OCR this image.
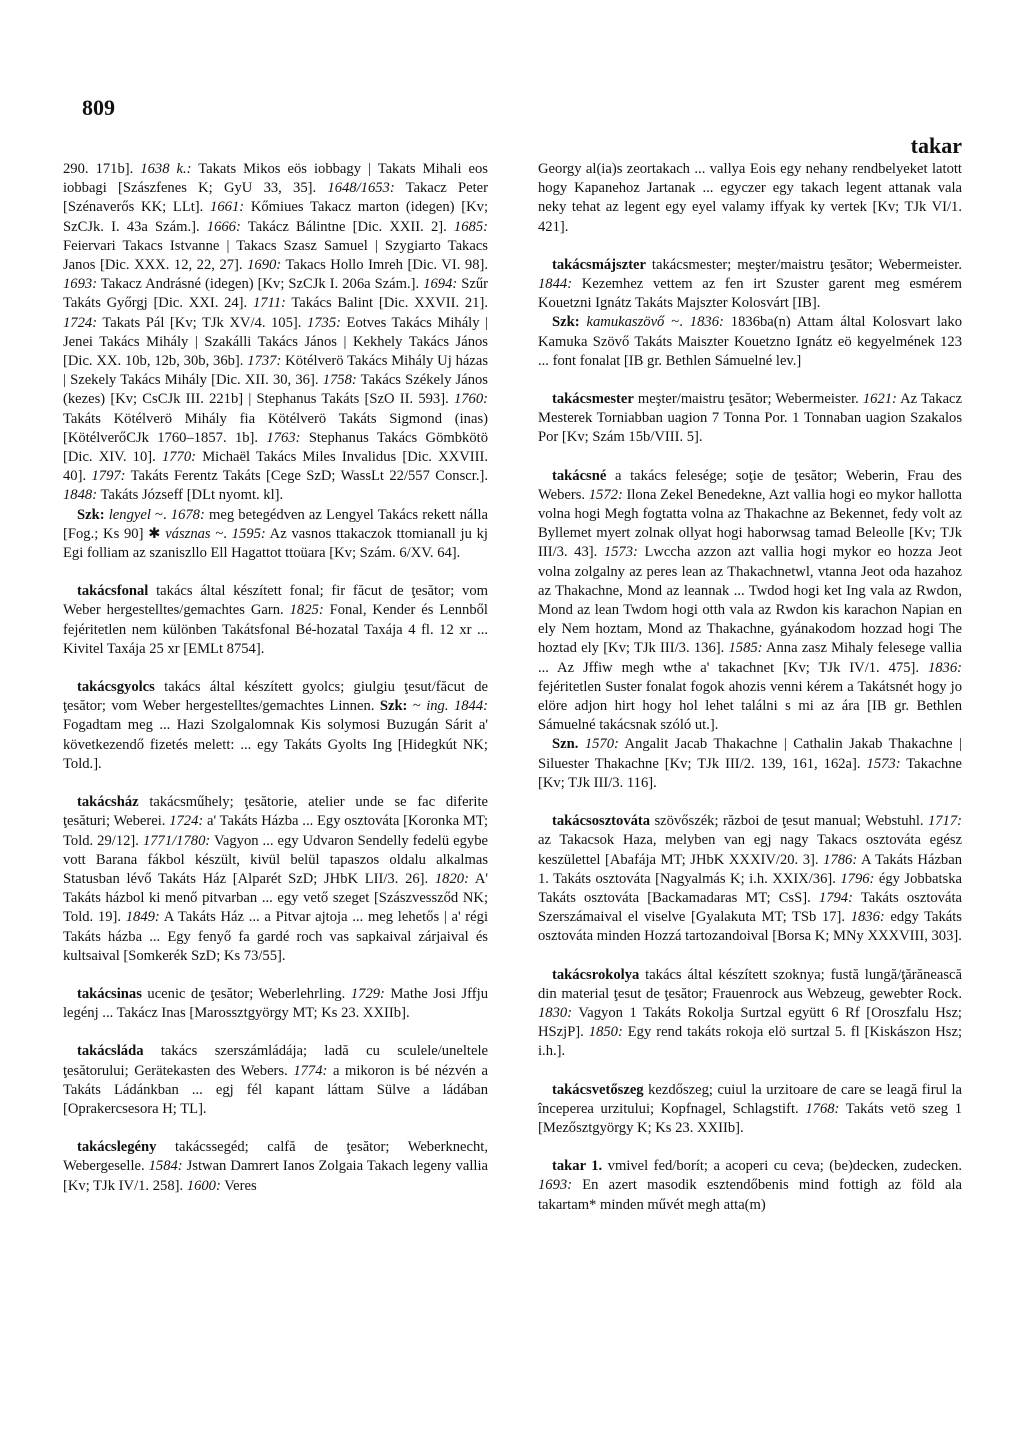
809
takar

290. 171b]. 1638 k.: Takats Mikos eös iobbagy | Takats Mihali eos iobbagi [Szászfenes K; GyU 33, 35]. 1648/1653: Takacz Peter [Szénaverős KK; LLt]. 1661: Kőmiues Takacz marton (idegen) [Kv; SzCJk. I. 43a Szám.]. 1666: Takácz Bálintne [Dic. XXII. 2]. 1685: Feiervari Takacs Istvanne | Takacs Szasz Samuel | Szygiarto Takacs Janos [Dic. XXX. 12, 22, 27]. 1690: Takacs Hollo Imreh [Dic. VI. 98]. 1693: Takacz Andrásné (idegen) [Kv; SzCJk I. 206a Szám.]. 1694: Szűr Takáts Győrgj [Dic. XXI. 24]. 1711: Takács Balint [Dic. XXVII. 21]. 1724: Takats Pál [Kv; TJk XV/4. 105]. 1735: Eotves Takács Mihály | Jenei Takács Mihály | Szakálli Takács János | Kekhely Takács János [Dic. XX. 10b, 12b, 30b, 36b]. 1737: Kötélverö Takács Mihály Uj házas | Szekely Takács Mihály [Dic. XII. 30, 36]. 1758: Takács Székely János (kezes) [Kv; CsCJk III. 221b] | Stephanus Takáts [SzO II. 593]. 1760: Takáts Kötélverö Mihály fia Kötélverö Takáts Sigmond (inas) [KötélverőCJk 1760–1857. 1b]. 1763: Stephanus Takács Gömbkötö [Dic. XIV. 10]. 1770: Michaël Takács Miles Invalidus [Dic. XXVIII. 40]. 1797: Takáts Ferentz Takáts [Cege SzD; WassLt 22/557 Conscr.]. 1848: Takáts Józseff [DLt nyomt. kl].

Szk: lengyel ~. 1678: meg betegédven az Lengyel Takács rekett nálla [Fog.; Ks 90] ✱ vásznas ~. 1595: Az vasnos ttakaczok ttomianall ju kj Egi folliam az szaniszllo Ell Hagattot ttoüara [Kv; Szám. 6/XV. 64].

takácsfonal takács által készített fonal; fir făcut de ţesător; vom Weber hergestelltes/gemachtes Garn. 1825: Fonal, Kender és Lennből fejéritetlen nem különben Takátsfonal Bé-hozatal Taxája 4 fl. 12 xr ... Kivitel Taxája 25 xr [EMLt 8754].

takácsgyolcs takács által készített gyolcs; giulgiu ţesut/făcut de ţesător; vom Weber hergestelltes/gemachtes Linnen. Szk: ~ ing. 1844: Fogadtam meg ... Hazi Szolgalomnak Kis solymosi Buzugán Sárit a' következendő fizetés melett: ... egy Takáts Gyolts Ing [Hidegkút NK; Told.].

takácsház takácsműhely; ţesătorie, atelier unde se fac diferite ţesături; Weberei. 1724: a' Takáts Házba ... Egy osztováta [Koronka MT; Told. 29/12]. 1771/1780: Vagyon ... egy Udvaron Sendelly fedelü egybe vott Barana fákbol készült, kivül belül tapaszos oldalu alkalmas Statusban lévő Takáts Ház [Alparét SzD; JHbK LII/3. 26]. 1820: A' Takáts házbol ki menő pitvarban ... egy vető szeget [Szászvessződ NK; Told. 19]. 1849: A Takáts Ház ... a Pitvar ajtoja ... meg lehetős | a' régi Takáts házba ... Egy fenyő fa gardé roch vas sapkaival zárjaival és kultsaival [Somkerék SzD; Ks 73/55].

takácsinas ucenic de ţesător; Weberlehrling. 1729: Mathe Josi Jffju legénj ... Takácz Inas [Marossztgyörgy MT; Ks 23. XXIIb].

takácsláda takács szerszámládája; ladă cu sculele/uneltele ţesătorului; Gerätekasten des Webers. 1774: a mikoron is bé nézvén a Takáts Ládánkban ... egj fél kapant láttam Sülve a ládában [Oprakercsesora H; TL].

takácslegény takácssegéd; calfă de ţesător; Weberknecht, Webergeselle. 1584: Jstwan Damrert Ianos Zolgaia Takach legeny vallia [Kv; TJk IV/1. 258]. 1600: Veres

Georgy al(ia)s zeortakach ... vallya Eois egy nehany rendbelyeket latott hogy Kapanehoz Jartanak ... egyczer egy takach legent attanak vala neky tehat az legent egy eyel valamy iffyak ky vertek [Kv; TJk VI/1. 421].

takácsmájszter takácsmester; meşter/maistru ţesător; Webermeister. 1844: Kezemhez vettem az fen irt Szuster garent meg esmérem Kouetzni Ignátz Takáts Majszter Kolosvárt [IB].

Szk: kamukaszövő ~. 1836: 1836ba(n) Attam által Kolosvart lako Kamuka Szövő Takáts Maiszter Kouetzno Ignátz eö kegyelmének 123 ... font fonalat [IB gr. Bethlen Sámuelné lev.]

takácsmester meşter/maistru ţesător; Webermeister. 1621: Az Takacz Mesterek Torniabban uagion 7 Tonna Por. 1 Tonnaban uagion Szakalos Por [Kv; Szám 15b/VIII. 5].

takácsné a takács felesége; soţie de ţesător; Weberin, Frau des Webers. 1572: Ilona Zekel Benedekne, Azt vallia hogi eo mykor hallotta volna hogi Megh fogtatta volna az Thakachne az Bekennet, fedy volt az Byllemet myert zolnak ollyat hogi haborwsag tamad Beleolle [Kv; TJk III/3. 43]. 1573: Lwccha azzon azt vallia hogi mykor eo hozza Jeot volna zolgalny az peres lean az Thakachnetwl, vtanna Jeot oda hazahoz az Thakachne, Mond az leannak ... Twdod hogi ket Ing vala az Rwdon, Mond az lean Twdom hogi otth vala az Rwdon kis karachon Napian en ely Nem hoztam, Mond az Thakachne, gyánakodom hozzad hogi The hoztad ely [Kv; TJk III/3. 136]. 1585: Anna zasz Mihaly felesege vallia ... Az Jffiw megh wthe a' takachnet [Kv; TJk IV/1. 475]. 1836: fejéritetlen Suster fonalat fogok ahozis venni kérem a Takátsnét hogy jo elöre adjon hirt hogy hol lehet találni s mi az ára [IB gr. Bethlen Sámuelné takácsnak szóló ut.].

Szn. 1570: Angalit Jacab Thakachne | Cathalin Jakab Thakachne | Siluester Thakachne [Kv; TJk III/2. 139, 161, 162a]. 1573: Takachne [Kv; TJk III/3. 116].

takácsosztováta szövőszék; război de ţesut manual; Webstuhl. 1717: az Takacsok Haza, melyben van egj nagy Takacs osztováta egész keszülettel [Abafája MT; JHbK XXXIV/20. 3]. 1786: A Takáts Házban 1. Takáts osztováta [Nagyalmás K; i.h. XXIX/36]. 1796: égy Jobbatska Takáts osztováta [Backamadaras MT; CsS]. 1794: Takáts osztováta Szerszámaival el viselve [Gyalakuta MT; TSb 17]. 1836: edgy Takáts osztováta minden Hozzá tartozandoival [Borsa K; MNy XXXVIII, 303].

takácsrokolya takács által készített szoknya; fustă lungă/ţărănească din material ţesut de ţesător; Frauenrock aus Webzeug, gewebter Rock. 1830: Vagyon 1 Takáts Rokolja Surtzal együtt 6 Rf [Oroszfalu Hsz; HSzjP]. 1850: Egy rend takáts rokoja elö surtzal 5. fl [Kiskászon Hsz; i.h.].

takácsvetőszeg kezdőszeg; cuiul la urzitoare de care se leagă firul la începerea urzitului; Kopfnagel, Schlagstift. 1768: Takáts vetö szeg 1 [Mezősztgyörgy K; Ks 23. XXIIb].

takar 1. vmivel fed/borít; a acoperi cu ceva; (be)decken, zudecken. 1693: En azert masodik esztendőbenis mind fottigh az föld ala takartam* minden művét megh atta(m)
